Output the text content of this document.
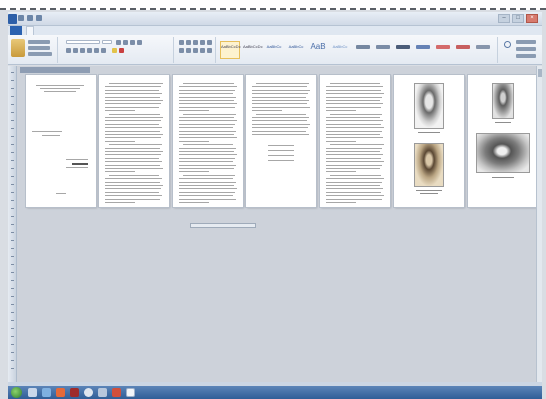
–	□	×
AaBbCcDc AaBbCcDc	AaBbCc	AaBbCc AaB	AaBbCc
